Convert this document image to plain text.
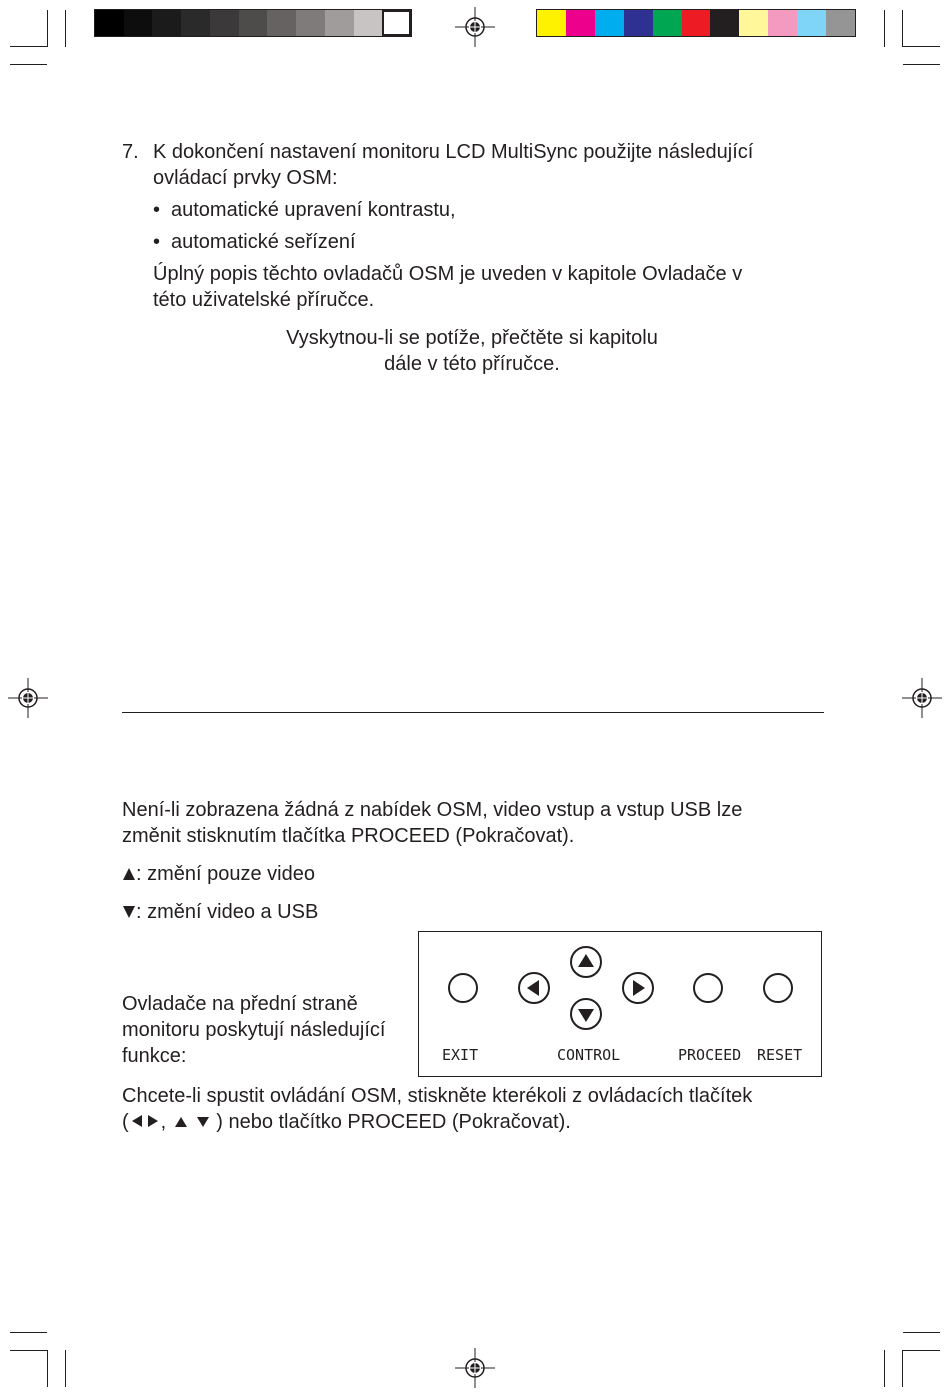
7. K dokončení nastavení monitoru LCD MultiSync použijte následující
ovládací prvky OSM:
• automatické upravení kontrastu,
• automatické seřízení
Úplný popis těchto ovladačů OSM je uveden v kapitole Ovladače v
této uživatelské příručce.
Vyskytnou-li se potíže, přečtěte si kapitolu
dále v této příručce.
Není-li zobrazena žádná z nabídek OSM, video vstup a vstup USB lze
změnit stisknutím tlačítka PROCEED (Pokračovat).
: změní pouze video
: změní video a USB
Ovladače na přední straně
monitoru poskytují následující
funkce:
Chcete-li spustit ovládání OSM, stiskněte kterékoli z ovládacích tlačítek
( ,	) nebo tlačítko PROCEED (Pokračovat).
EXIT	CONTROL	PROCEED RESET
